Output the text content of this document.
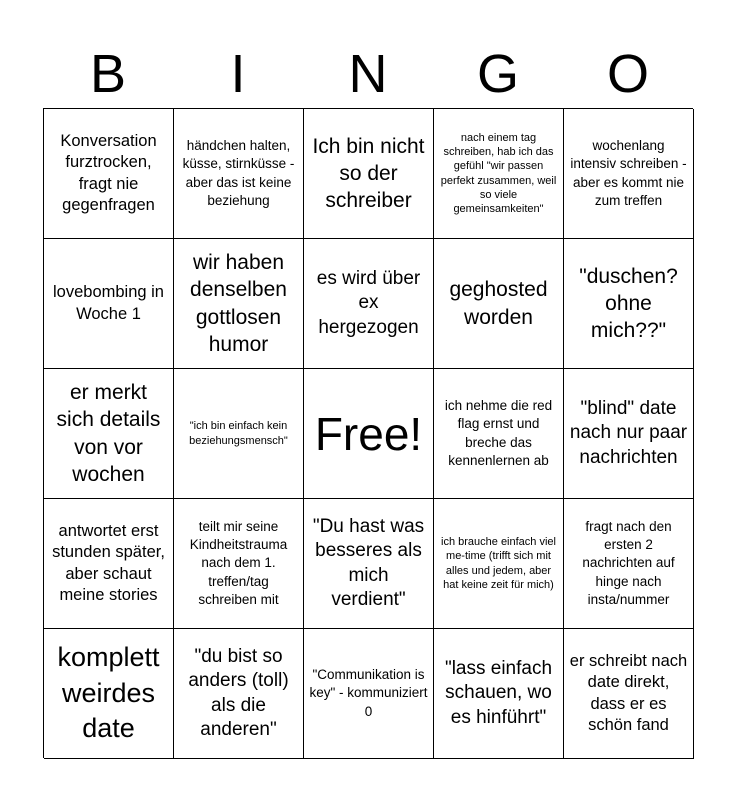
B	I	N	G	O
Konversation furztrocken, fragt nie gegenfragen
händchen halten, küsse, stirnküsse - aber das ist keine beziehung
Ich bin nicht so der schreiber
nach einem tag schreiben, hab ich das gefühl "wir passen perfekt zusammen, weil so viele gemeinsamkeiten"
wochenlang intensiv schreiben - aber es kommt nie zum treffen
lovebombing in Woche 1
wir haben denselben gottlosen humor
es wird über ex hergezogen
geghosted worden
"duschen? ohne mich??"
er merkt sich details von vor wochen
"ich bin einfach kein beziehungsmensch" Free!
ich nehme die red flag ernst und breche das kennenlernen ab
"blind" date nach nur paar nachrichten
antwortet erst stunden später, aber schaut meine stories
teilt mir seine Kindheitstrauma nach dem 1. treffen/tag schreiben mit
"Du hast was besseres als mich verdient"
ich brauche einfach viel me-time (trifft sich mit alles und jedem, aber hat keine zeit für mich)
fragt nach den ersten 2 nachrichten auf hinge nach insta/nummer
komplett weirdes date
"du bist so anders (toll) als die anderen"
"Communikation is key" - kommuniziert 0
"lass einfach schauen, wo es hinführt"
er schreibt nach date direkt, dass er es schön fand
